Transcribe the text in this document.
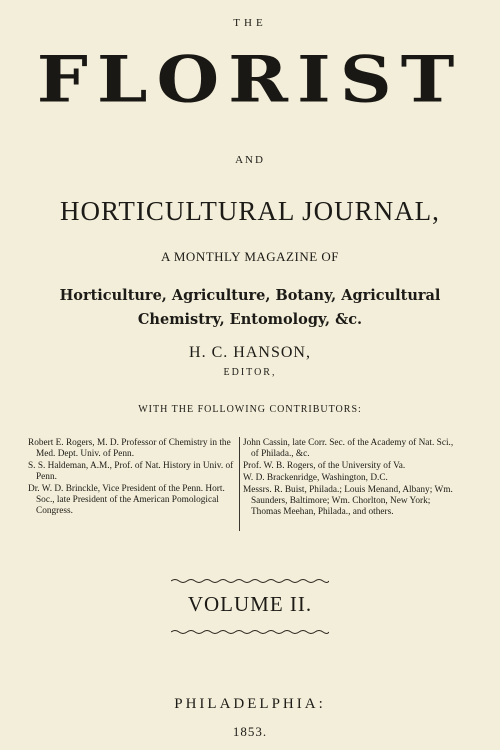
THE
FLORIST
AND
HORTICULTURAL JOURNAL,
A MONTHLY MAGAZINE OF
Horticulture, Agriculture, Botany, Agricultural
Chemistry, Entomology, &c.
H. C. HANSON,
EDITOR,
WITH THE FOLLOWING CONTRIBUTORS:
Robert E. Rogers, M. D. Professor of Chemistry in the Med. Dept. Univ. of Penn.
S. S. Haldeman, A.M., Prof. of Nat. History in Univ. of Penn.
Dr. W. D. Brinckle, Vice President of the Penn. Hort. Soc., late President of the American Pomological Congress.
John Cassin, late Corr. Sec. of the Academy of Nat. Sci., of Philada., &c.
Prof. W. B. Rogers, of the University of Va.
W. D. Brackenridge, Washington, D.C.
Messrs. R. Buist, Philada.; Louis Menand, Albany; Wm. Saunders, Baltimore; Wm. Chorlton, New York; Thomas Meehan, Philada., and others.
VOLUME II.
PHILADELPHIA:
1853.
